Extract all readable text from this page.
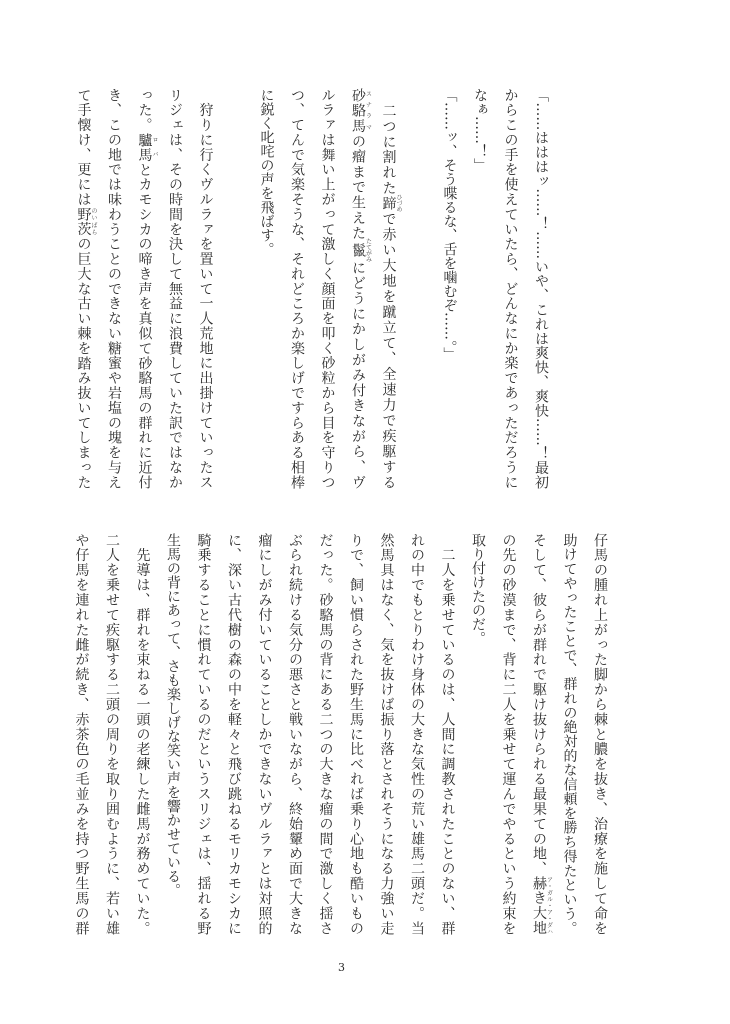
「……はははッ……！……いや、これは爽快、爽快……！最初
からこの手を使えていたら、どんなにか楽であっただろうに
なぁ……！」
「……ッ、そう喋るな、舌を噛むぞ……。」
　二つに割れた蹄ひづめで赤い大地を蹴立て、全速力で疾駆する
砂駱馬スナラマの瘤まで生えた鬣たてがみにどうにかしがみ付きながら、ヴ
ルラァは舞い上がって激しく顔面を叩く砂粒から目を守りつ
つ、てんで気楽そうな、それどころか楽しげですらある相棒
に鋭く叱咤の声を飛ばす。
　狩りに行くヴルラァを置いて一人荒地に出掛けていったス
リジェは、その時間を決して無益に浪費していた訳ではなか
った。驢馬ロバとカモシカの啼き声を真似て砂駱馬の群れに近付
き、この地では味わうことのできない糖蜜や岩塩の塊を与え
て手懐け、更には野茨のいばらの巨大な古い棘を踏み抜いてしまった
仔馬の腫れ上がった脚から棘と膿を抜き、治療を施して命を
助けてやったことで、群れの絶対的な信頼を勝ち得たという。
そして、彼らが群れで駆け抜けられる最果ての地、赫き大地ア・ガル・ア・ダハ
の先の砂漠まで、背に二人を乗せて運んでやるという約束を
取り付けたのだ。
　二人を乗せているのは、人間に調教されたことのない、群
れの中でもとりわけ身体の大きな気性の荒い雄馬二頭だ。当
然馬具はなく、気を抜けば振り落とされそうになる力強い走
りで、飼い慣らされた野生馬に比べれば乗り心地も酷いもの
だった。砂駱馬の背にある二つの大きな瘤の間で激しく揺さ
ぶられ続ける気分の悪さと戦いながら、終始顰め面で大きな
瘤にしがみ付いていることしかできないヴルラァとは対照的
に、深い古代樹の森の中を軽々と飛び跳ねるモリカモシカに
騎乗することに慣れているのだというスリジェは、揺れる野
生馬の背にあって、さも楽しげな笑い声を響かせている。
　先導は、群れを束ねる一頭の老練した雌馬が務めていた。
二人を乗せて疾駆する二頭の周りを取り囲むように、若い雄
や仔馬を連れた雌が続き、赤茶色の毛並みを持つ野生馬の群
3
